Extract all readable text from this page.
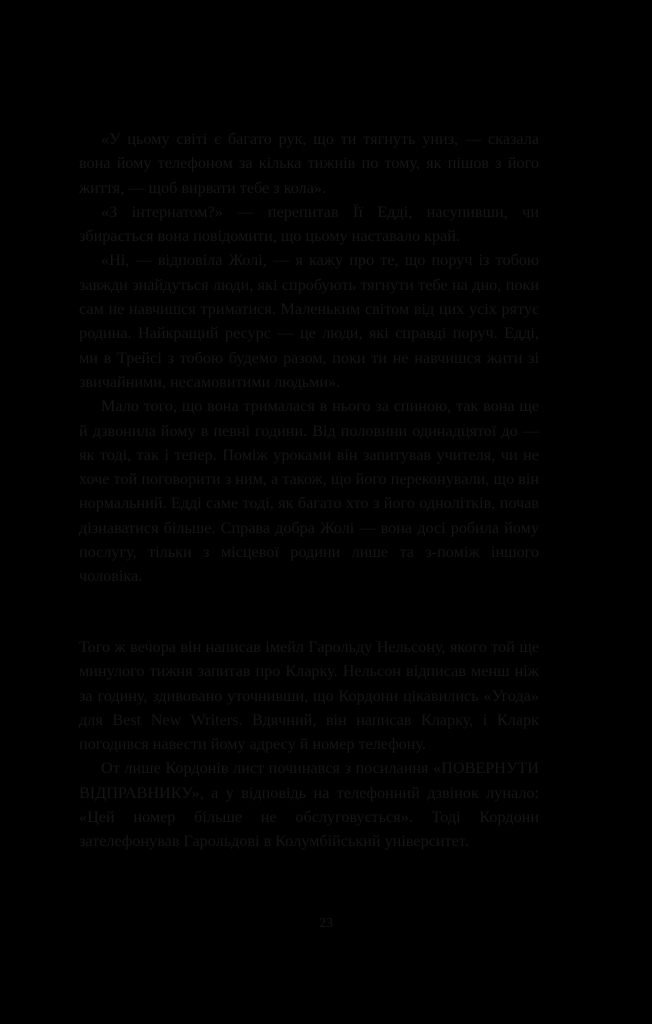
«У цьому світі є багато рук, що ти тягнуть униз, — сказала вона йому телефоном за кілька тижнів по тому, як пішов з його життя, — щоб вирвати тебе з кола».

«З інтернатом?» — перепитав Її Едді, насупивши, чи збирається вона повідомити, що цьому наставало край.

«Ні, — відповіла Жолі, — я кажу про те, що поруч із тобою завжди знайдуться люди, які спробують тягнути тебе на дно, поки сам не навчишся триматися. Маленьким світом від цих усіх рятує родина. Найкращий ресурс — це люди, які справді поруч. Едді, ми в Трейсі з тобою будемо разом, поки ти не навчишся жити зі звичайними, несамовитими людьми».

Мало того, що вона трималася в нього за спиною, так вона ще й дзвонила йому в певні години. Від половини одинадцятої до — як тоді, так і тепер. Поміж уроками він запитував учителя, чи не хоче той поговорити з ним, а також, що його переконували, що він нормальний. Едді саме тоді, як багато хто з його однолітків, почав дізнаватися більше. Справа добра Жолі — вона досі робила йому послугу, тільки з місцевої родини лише та з-поміж іншого чоловіка.

Того ж вечора він написав імейл Гарольду Нельсону, якого той ще минулого тижня запитав про Кларку. Нельсон відписав менш ніж за годину, здивовано уточнивши, що Кордони цікавились «Угода» для Best New Writers. Вдячний, він написав Кларку, і Кларк погодився навести йому адресу й номер телефону.

От лише Кордонів лист починався з посилання «ПОВЕРНУТИ ВІДПРАВНИКУ», а у відповідь на телефонний дзвінок лунало: «Цей номер більше не обслуговується». Тоді Кордони зателефонував Гарольдові в Колумбійський університет.

23
